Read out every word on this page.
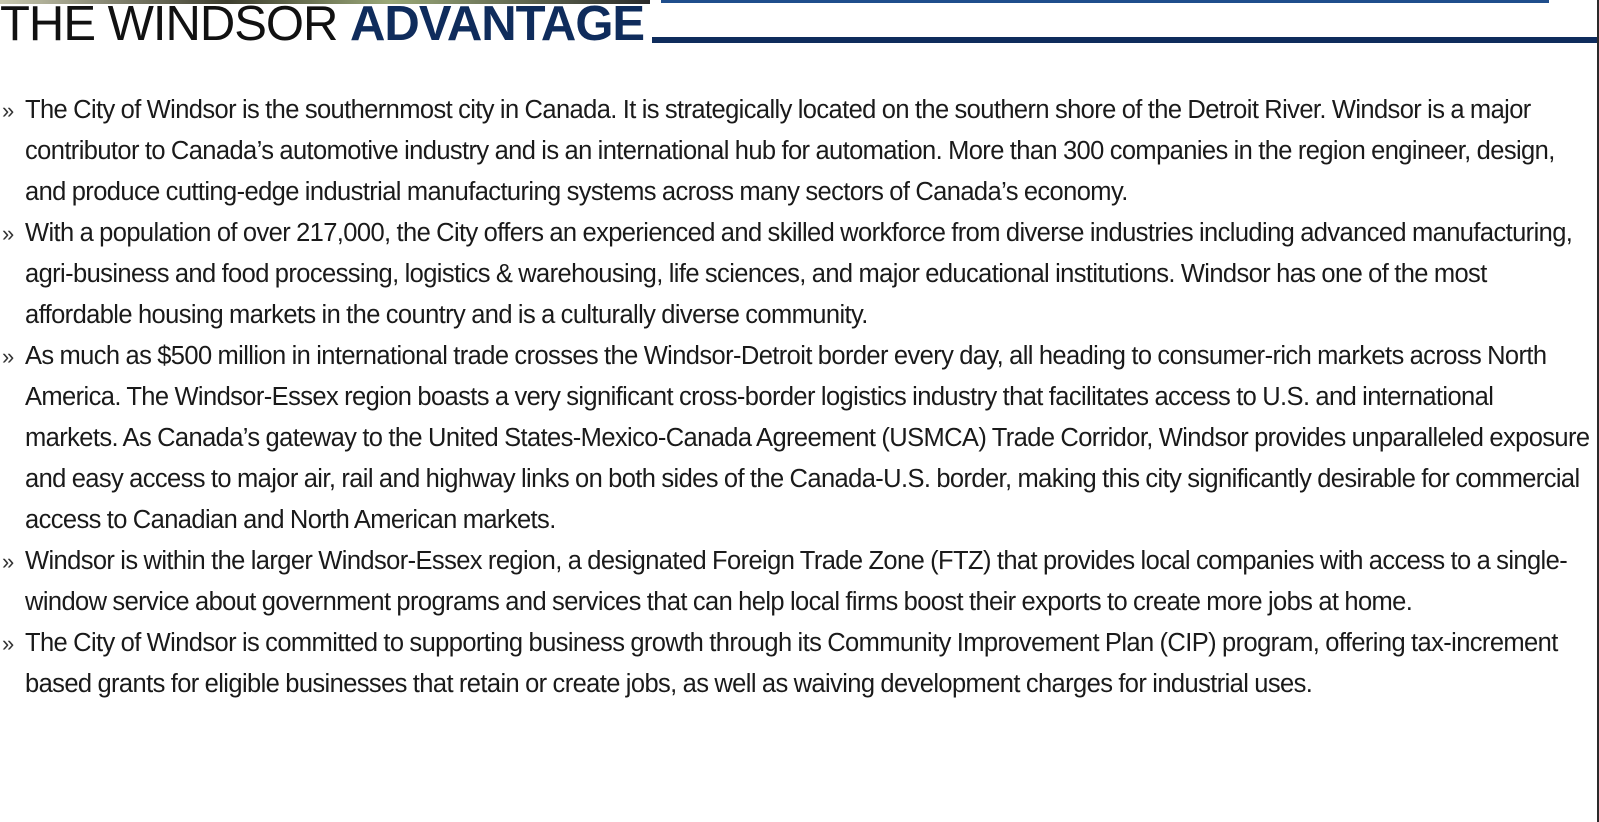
THE WINDSOR ADVANTAGE
» The City of Windsor is the southernmost city in Canada. It is strategically located on the southern shore of the Detroit River. Windsor is a major contributor to Canada’s automotive industry and is an international hub for automation. More than 300 companies in the region engineer, design, and produce cutting-edge industrial manufacturing systems across many sectors of Canada’s economy.
» With a population of over 217,000, the City offers an experienced and skilled workforce from diverse industries including advanced manufacturing, agri-business and food processing, logistics & warehousing, life sciences, and major educational institutions. Windsor has one of the most affordable housing markets in the country and is a culturally diverse community.
» As much as $500 million in international trade crosses the Windsor-Detroit border every day, all heading to consumer-rich markets across North America. The Windsor-Essex region boasts a very significant cross-border logistics industry that facilitates access to U.S. and international markets. As Canada’s gateway to the United States-Mexico-Canada Agreement (USMCA) Trade Corridor, Windsor provides unparalleled exposure and easy access to major air, rail and highway links on both sides of the Canada-U.S. border, making this city significantly desirable for commercial access to Canadian and North American markets.
» Windsor is within the larger Windsor-Essex region, a designated Foreign Trade Zone (FTZ) that provides local companies with access to a single-window service about government programs and services that can help local firms boost their exports to create more jobs at home.
» The City of Windsor is committed to supporting business growth through its Community Improvement Plan (CIP) program, offering tax-increment based grants for eligible businesses that retain or create jobs, as well as waiving development charges for industrial uses.
